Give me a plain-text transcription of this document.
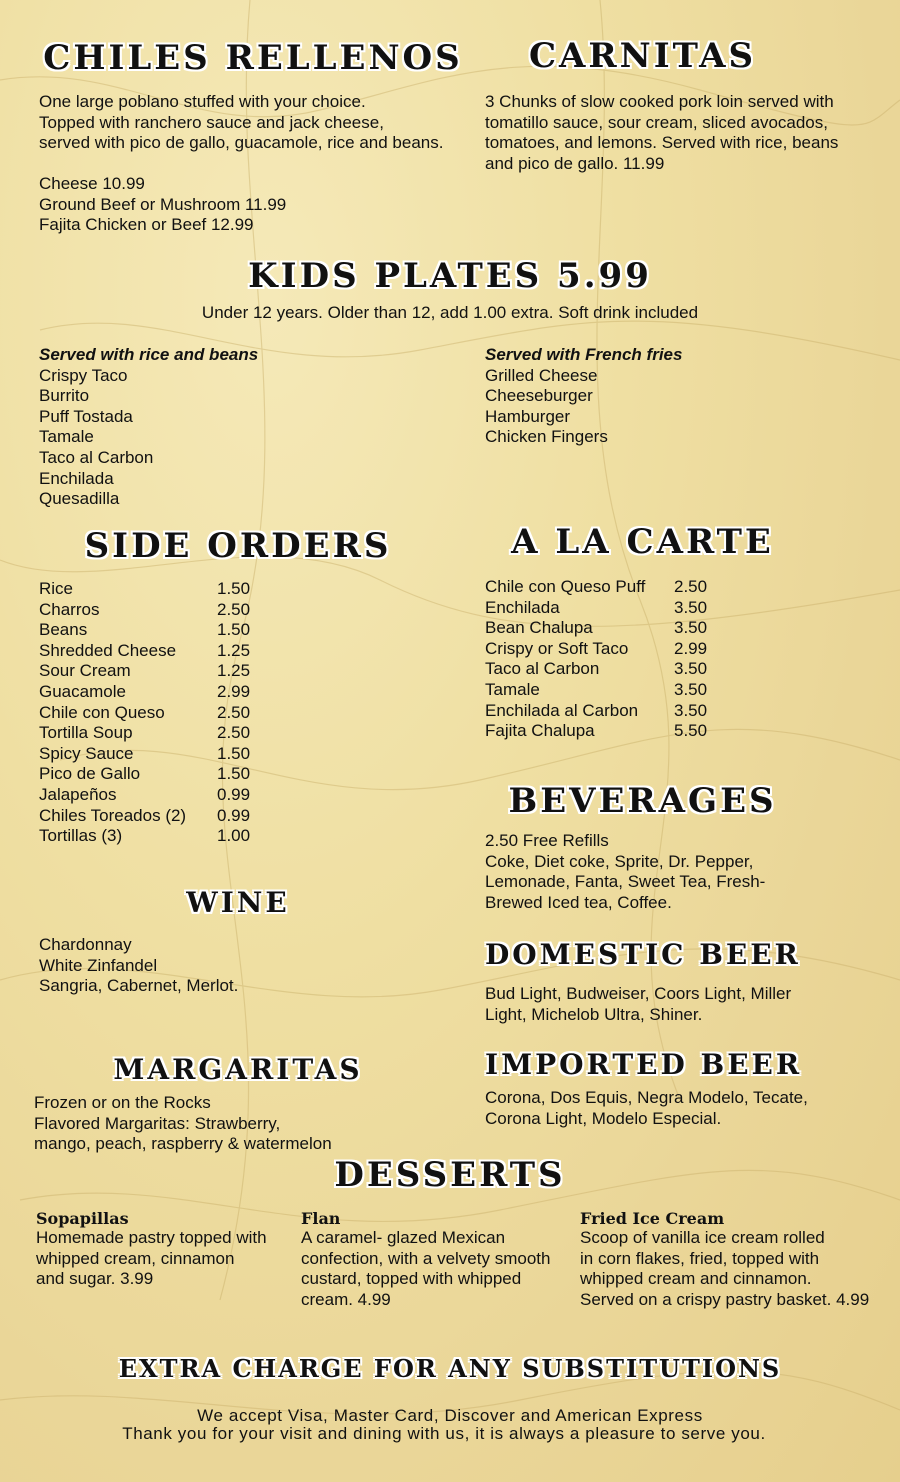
CHILES RELLENOS
One large poblano stuffed with your choice.
Topped with ranchero sauce and jack cheese,
served with pico de gallo, guacamole, rice and beans.
Cheese 10.99
Ground Beef or Mushroom 11.99
Fajita Chicken or Beef 12.99
CARNITAS
3 Chunks of slow cooked pork loin served with
tomatillo sauce, sour cream, sliced avocados,
tomatoes, and lemons. Served with rice, beans
and pico de gallo. 11.99
KIDS PLATES 5.99
Under 12 years. Older than 12, add 1.00 extra. Soft drink included
Served with rice and beans
Crispy Taco
Burrito
Puff Tostada
Tamale
Taco al Carbon
Enchilada
Quesadilla
Served with French fries
Grilled Cheese
Cheeseburger
Hamburger
Chicken Fingers
SIDE ORDERS
Rice	1.50
Charros	2.50
Beans	1.50
Shredded Cheese	1.25
Sour Cream	1.25
Guacamole	2.99
Chile con Queso	2.50
Tortilla Soup	2.50
Spicy Sauce	1.50
Pico de Gallo	1.50
Jalapeños	0.99
Chiles Toreados (2)	0.99
Tortillas (3)	1.00
A LA CARTE
Chile con Queso Puff	2.50
Enchilada	3.50
Bean Chalupa	3.50
Crispy or Soft Taco	2.99
Taco al Carbon	3.50
Tamale	3.50
Enchilada al Carbon	3.50
Fajita Chalupa	5.50
BEVERAGES
2.50 Free Refills
Coke, Diet coke, Sprite, Dr. Pepper,
Lemonade, Fanta, Sweet Tea, Fresh-
Brewed Iced tea, Coffee.
WINE
Chardonnay
White Zinfandel
Sangria, Cabernet, Merlot.
DOMESTIC BEER
Bud Light, Budweiser, Coors Light, Miller
Light, Michelob Ultra, Shiner.
MARGARITAS
Frozen or on the Rocks
Flavored Margaritas: Strawberry,
mango, peach, raspberry & watermelon
IMPORTED BEER
Corona, Dos Equis, Negra Modelo, Tecate,
Corona Light, Modelo Especial.
DESSERTS
Sopapillas
Homemade pastry topped with
whipped cream, cinnamon
and sugar. 3.99
Flan
A caramel- glazed Mexican
confection, with a velvety smooth
custard, topped with whipped
cream. 4.99
Fried Ice Cream
Scoop of vanilla ice cream rolled
in corn flakes, fried, topped with
whipped cream and cinnamon.
Served on a crispy pastry basket. 4.99
EXTRA CHARGE FOR ANY SUBSTITUTIONS
We accept Visa, Master Card, Discover and American Express
Thank you for your visit and dining with us, it is always a pleasure to serve you.
